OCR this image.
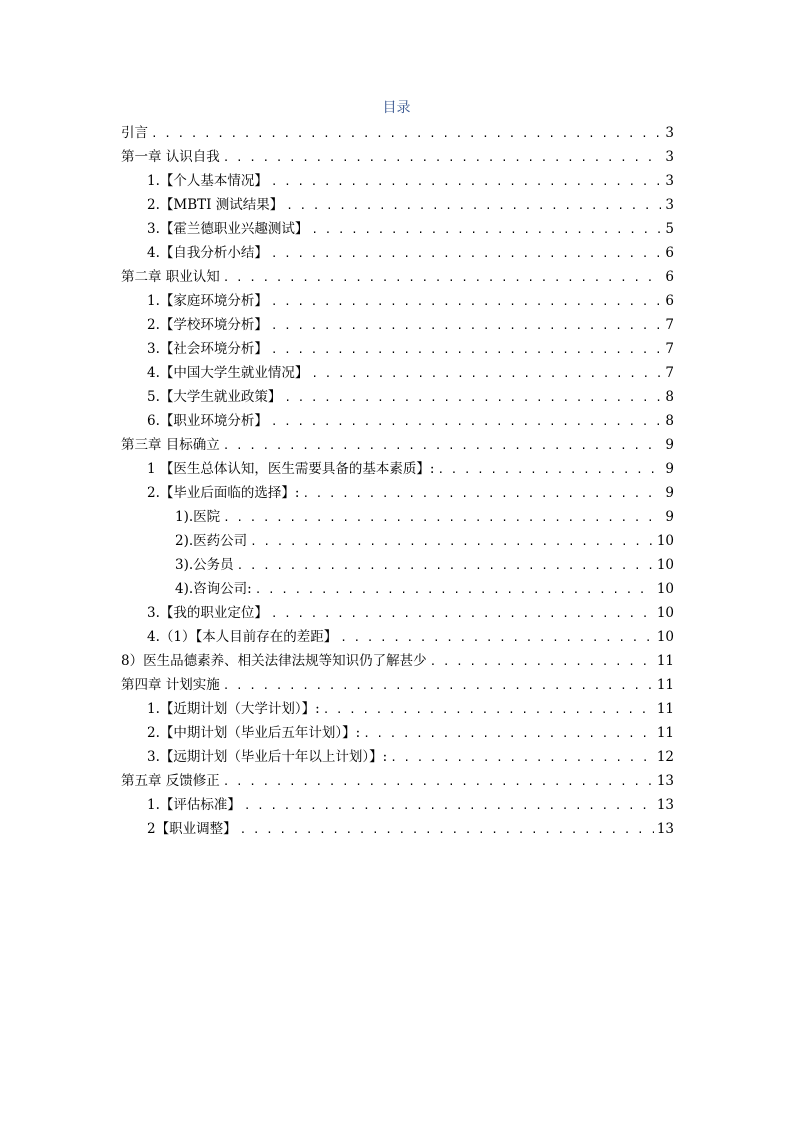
目录
引言 . . .	3
第一章 认识自我 . . .	3
1.【个人基本情况】 . . .	3
2.【MBTI 测试结果】 . . .	3
3.【霍兰德职业兴趣测试】 . . .	5
4.【自我分析小结】 . . .	6
第二章 职业认知 . . .	6
1.【家庭环境分析】 . . .	6
2.【学校环境分析】 . . .	7
3.【社会环境分析】 . . .	7
4.【中国大学生就业情况】 . . .	7
5.【大学生就业政策】 . . .	8
6.【职业环境分析】 . . .	8
第三章 目标确立 . . .	9
1 【医生总体认知，医生需要具备的基本素质】: . . .	9
2.【毕业后面临的选择】: . . .	9
1).医院 . . .	9
2).医药公司 . . .	10
3).公务员 . . .	10
4).咨询公司: . . .	10
3.【我的职业定位】 . . .	10
4.（1）【本人目前存在的差距】 . . .	10
8）医生品德素养、相关法律法规等知识仍了解甚少 . . .	11
第四章 计划实施 . . .	11
1.【近期计划（大学计划）】: . . .	11
2.【中期计划（毕业后五年计划）】: . . .	11
3.【远期计划（毕业后十年以上计划）】: . . .	12
第五章 反馈修正 . . .	13
1.【评估标准】 . . .	13
2【职业调整】 . . .	13
